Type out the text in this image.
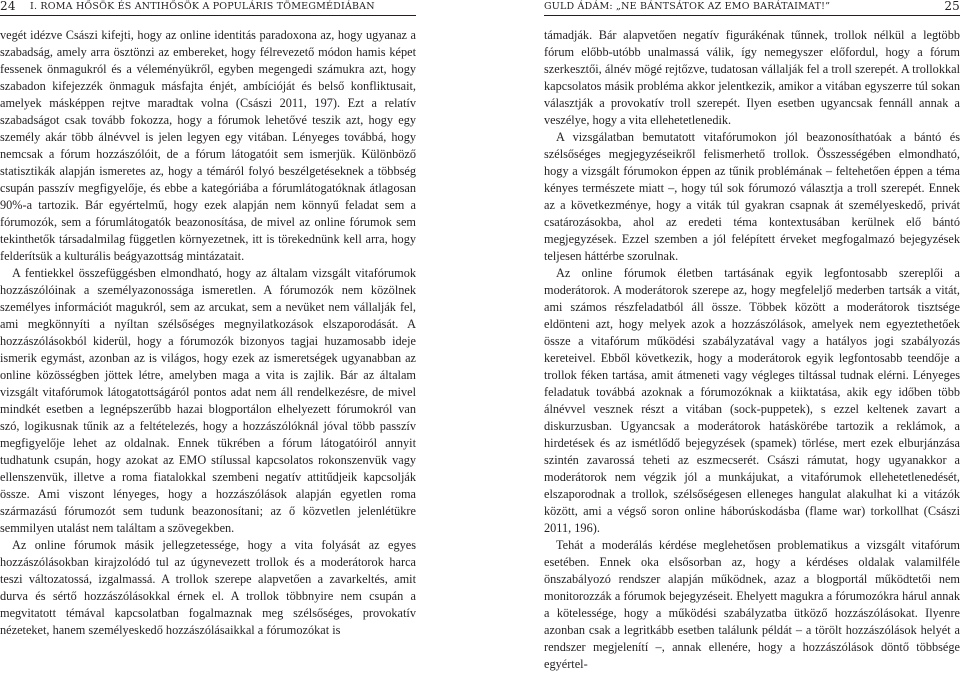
24 I. ROMA HŐSÖK ÉS ANTIHŐSÖK A POPULÁRIS TÖMEGMÉDIÁBAN

vegét idézve Császi kifejti, hogy az online identitás paradoxona az, hogy ugyanaz a szabadság, amely arra ösztönzi az embereket, hogy félrevezető módon hamis képet fessenek önmagukról és a véleményükről, egyben megengedi számukra azt, hogy szabadon kifejezzék önmaguk másfajta énjét, ambícióját és belső konfliktusait, amelyek másképpen rejtve maradtak volna (Császi 2011, 197). Ezt a relatív szabadságot csak tovább fokozza, hogy a fórumok lehetővé teszik azt, hogy egy személy akár több álnévvel is jelen legyen egy vitában. Lényeges továbbá, hogy nemcsak a fórum hozzászólóit, de a fórum látogatóit sem ismerjük. Különböző statisztikák alapján ismeretes az, hogy a témáról folyó beszélgetéseknek a többség csupán passzív megfigyelője, és ebbe a kategóriába a fórumlátogatóknak átlagosan 90%-a tartozik. Bár egyértelmű, hogy ezek alapján nem könnyű feladat sem a fórumozók, sem a fórumlátogatók beazonosítása, de mivel az online fórumok sem tekinthetők társadalmilag független környezetnek, itt is törekednünk kell arra, hogy felderítsük a kulturális beágyazottság mintázatait.

A fentiekkel összefüggésben elmondható, hogy az általam vizsgált vitafórumok hozzászólóinak a személyazonossága ismeretlen. A fórumozók nem közölnek személyes információt magukról, sem az arcukat, sem a nevüket nem vállalják fel, ami megkönnyíti a nyíltan szélsőséges megnyilatkozások elszaporodását. A hozzászólásokból kiderül, hogy a fórumozók bizonyos tagjai huzamosabb ideje ismerik egymást, azonban az is világos, hogy ezek az ismeretségek ugyanabban az online közösségben jöttek létre, amelyben maga a vita is zajlik. Bár az általam vizsgált vitafórumok látogatottságáról pontos adat nem áll rendelkezésre, de mivel mindkét esetben a legnépszerűbb hazai blogportálon elhelyezett fórumokról van szó, logikusnak tűnik az a feltételezés, hogy a hozzászólóknál jóval több passzív megfigyelője lehet az oldalnak. Ennek tükrében a fórum látogatóiról annyit tudhatunk csupán, hogy azokat az EMO stílussal kapcsolatos rokonszenvük vagy ellenszenvük, illetve a roma fiatalokkal szembeni negatív attitűdjeik kapcsolják össze. Ami viszont lényeges, hogy a hozzászólások alapján egyetlen roma származású fórumozót sem tudunk beazonosítani; az ő közvetlen jelenlétükre semmilyen utalást nem találtam a szövegekben.

Az online fórumok másik jellegzetessége, hogy a vita folyását az egyes hozzászólásokban kirajzolódó tul az úgynevezett trollok és a moderátorok harca teszi változatossá, izgalmassá. A trollok szerepe alapvetően a zavarkeltés, amit durva és sértő hozzászólásokkal érnek el. A trollok többnyire nem csupán a megvitatott témával kapcsolatban fogalmaznak meg szélsőséges, provokatív nézeteket, hanem személyeskedő hozzászólásaikkal a fórumozókat is

GULD ÁDÁM: „NE BÁNTSÁTOK AZ EMO BARÁTAIMAT!”	25

támadják. Bár alapvetően negatív figurákénak tűnnek, trollok nélkül a legtöbb fórum előbb-utóbb unalmassá válik, így nemegyszer előfordul, hogy a fórum szerkesztői, álnév mögé rejtőzve, tudatosan vállalják fel a troll szerepét. A trollokkal kapcsolatos másik probléma akkor jelentkezik, amikor a vitában egyszerre túl sokan választják a provokatív troll szerepét. Ilyen esetben ugyancsak fennáll annak a veszélye, hogy a vita ellehetetlenedik.

A vizsgálatban bemutatott vitafórumokon jól beazonosíthatóak a bántó és szélsőséges megjegyzéseikről felismerhető trollok. Összességében elmondható, hogy a vizsgált fórumokon éppen az tűnik problémának – feltehetően éppen a téma kényes természete miatt –, hogy túl sok fórumozó választja a troll szerepét. Ennek az a következménye, hogy a viták túl gyakran csapnak át személyeskedő, privát csatározásokba, ahol az eredeti téma kontextusában kerülnek elő bántó megjegyzések. Ezzel szemben a jól felépített érveket megfogalmazó bejegyzések teljesen háttérbe szorulnak.

Az online fórumok életben tartásának egyik legfontosabb szereplői a moderátorok. A moderátorok szerepe az, hogy megfeleljő mederben tartsák a vitát, ami számos részfeladatból áll össze. Többek között a moderátorok tisztsége eldönteni azt, hogy melyek azok a hozzászólások, amelyek nem egyeztethetőek össze a vitafórum működési szabályzatával vagy a hatályos jogi szabályozás kereteivel. Ebből következik, hogy a moderátorok egyik legfontosabb teendője a trollok féken tartása, amit átmeneti vagy végleges tiltással tudnak elérni. Lényeges feladatuk továbbá azoknak a fórumozóknak a kiiktatása, akik egy időben több álnévvel vesznek részt a vitában (sock-puppetek), s ezzel keltenek zavart a diskurzusban. Ugyancsak a moderátorok hatáskörébe tartozik a reklámok, a hirdetések és az ismétlődő bejegyzések (spamek) törlése, mert ezek elburjánzása szintén zavarossá teheti az eszmecserét. Császi rámutat, hogy ugyanakkor a moderátorok nem végzik jól a munkájukat, a vitafórumok ellehetetlenedését, elszaporodnak a trollok, szélsőségesen elleneges hangulat alakulhat ki a vitázók között, ami a végső soron online háborúskodásba (flame war) torkollhat (Császi 2011, 196).

Tehát a moderálás kérdése meglehetősen problematikus a vizsgált vitafórum esetében. Ennek oka elsősorban az, hogy a kérdéses oldalak valamilféle önszabályozó rendszer alapján működnek, azaz a blogportál működtetői nem monitorozzák a fórumok bejegyzéseit. Ehelyett magukra a fórumozókra hárul annak a kötelessége, hogy a működési szabályzatba ütköző hozzászólásokat. Ilyenre azonban csak a legritkább esetben találunk példát – a törölt hozzászólások helyét a rendszer megjelenítí –, annak ellenére, hogy a hozzászólások döntő többsége egyértel-
